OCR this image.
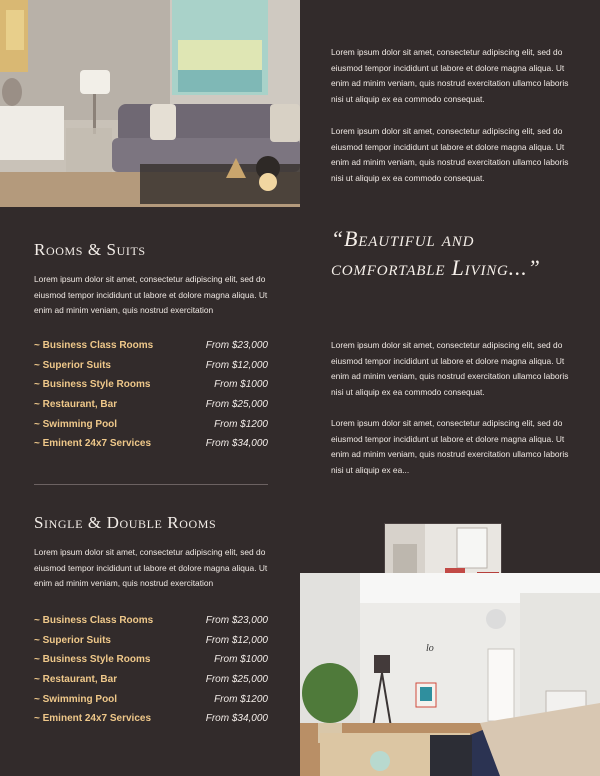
Lorem ipsum dolor sit amet, consectetur adipiscing elit, sed do eiusmod tempor incididunt ut labore et dolore magna aliqua. Ut enim ad minim veniam, quis nostrud exercitation ullamco laboris nisi ut aliquip ex ea commodo consequat.
Lorem ipsum dolor sit amet, consectetur adipiscing elit, sed do eiusmod tempor incididunt ut labore et dolore magna aliqua. Ut enim ad minim veniam, quis nostrud exercitation ullamco laboris nisi ut aliquip ex ea commodo consequat.
Rooms & Suits
Lorem ipsum dolor sit amet, consectetur adipiscing elit, sed do eiusmod tempor incididunt ut labore et dolore magna aliqua. Ut enim ad minim veniam, quis nostrud exercitation
~ Business Class Rooms	From $23,000
~ Superior Suits	From $12,000
~ Business Style Rooms	From $1000
~ Restaurant, Bar	From $25,000
~ Swimming Pool	From $1200
~ Eminent 24x7 Services	From $34,000
“Beautiful and comfortable Living...”
Lorem ipsum dolor sit amet, consectetur adipiscing elit, sed do eiusmod tempor incididunt ut labore et dolore magna aliqua. Ut enim ad minim veniam, quis nostrud exercitation ullamco laboris nisi ut aliquip ex ea commodo consequat.
Lorem ipsum dolor sit amet, consectetur adipiscing elit, sed do eiusmod tempor incididunt ut labore et dolore magna aliqua. Ut enim ad minim veniam, quis nostrud exercitation ullamco laboris nisi ut aliquip ex ea...
Single & Double Rooms
Lorem ipsum dolor sit amet, consectetur adipiscing elit, sed do eiusmod tempor incididunt ut labore et dolore magna aliqua. Ut enim ad minim veniam, quis nostrud exercitation
~ Business Class Rooms	From $23,000
~ Superior Suits	From $12,000
~ Business Style Rooms	From $1000
~ Restaurant, Bar	From $25,000
~ Swimming Pool	From $1200
~ Eminent 24x7 Services	From $34,000
lo
